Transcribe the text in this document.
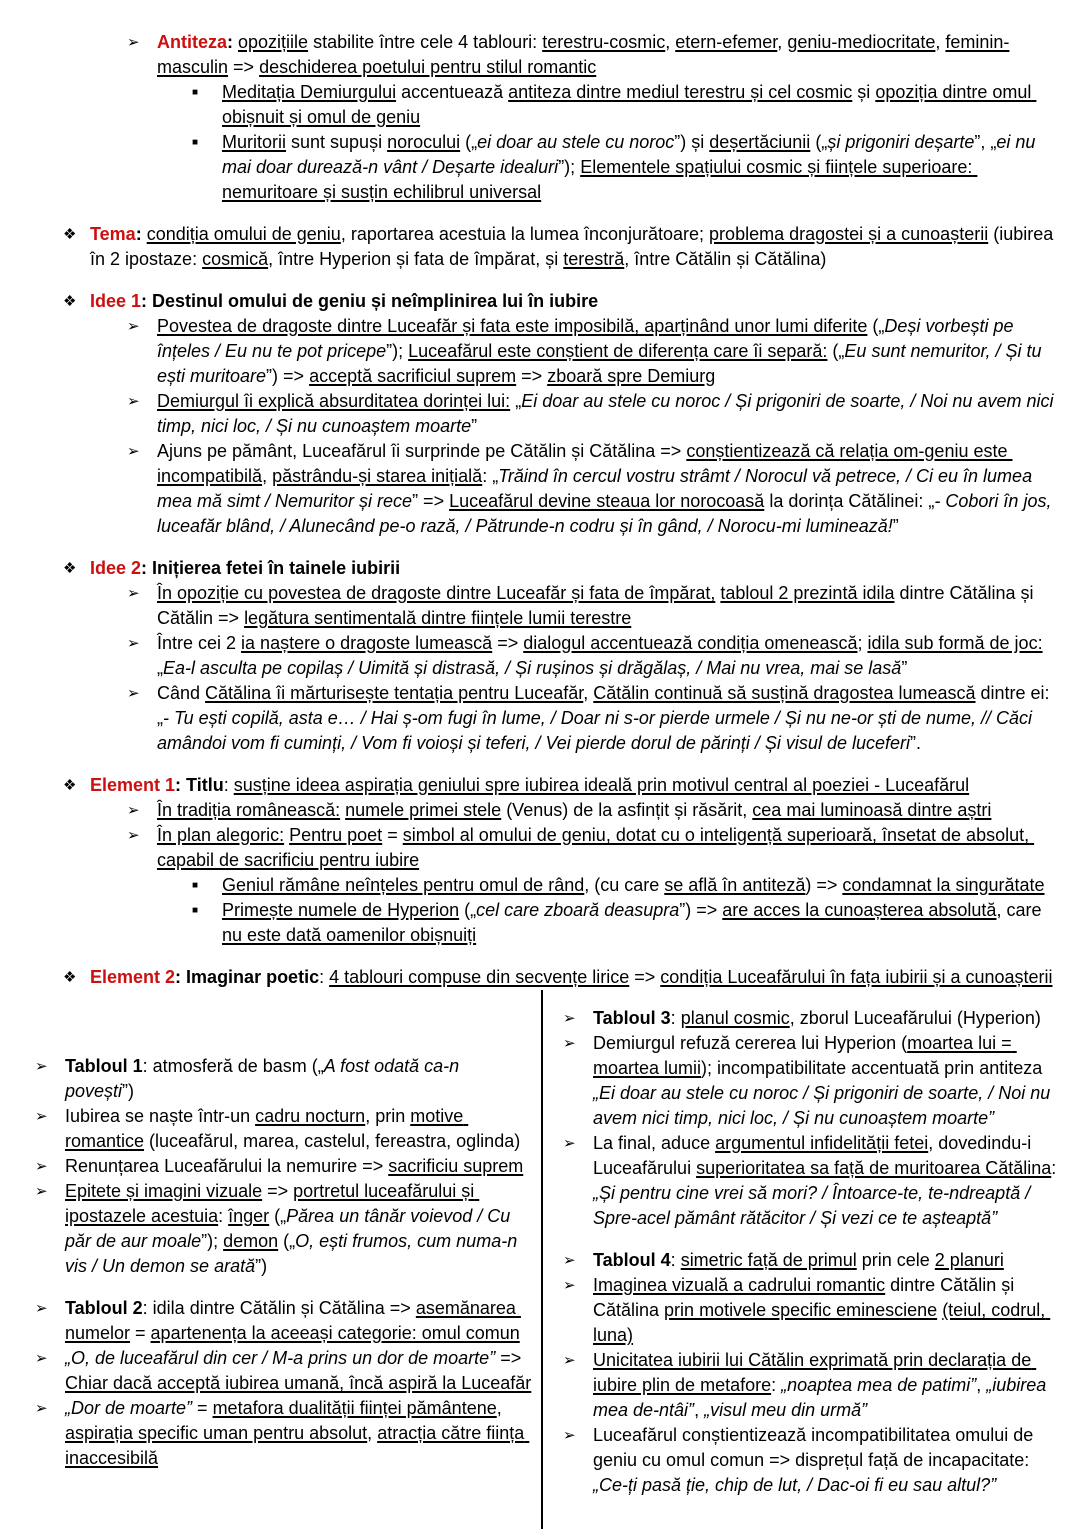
➢ Antiteza: opozițiile stabilite între cele 4 tablouri: terestru-cosmic, etern-efemer, geniu-mediocritate, feminin-masculin => deschiderea poetului pentru stilul romantic
■ Meditația Demiurgului accentuează antiteza dintre mediul terestru și cel cosmic și opoziția dintre omul obișnuit și omul de geniu
■ Muritorii sunt supuși norocului („ei doar au stele cu noroc”) și deșertăciunii („și prigoniri deșarte”, „ei nu mai doar durează-n vânt / Deșarte idealuri”); Elementele spațiului cosmic și ființele superioare: nemuritoare și susțin echilibrul universal
❖ Tema: condiția omului de geniu, raportarea acestuia la lumea înconjurătoare; problema dragostei și a cunoașterii (iubirea în 2 ipostaze: cosmică, între Hyperion și fata de împărat, și terestră, între Cătălin și Cătălina)
❖ Idee 1: Destinul omului de geniu și neîmplinirea lui în iubire
➢ Povestea de dragoste dintre Luceafăr și fata este imposibilă, aparținând unor lumi diferite („Deși vorbești pe înțeles / Eu nu te pot pricepe”); Luceafărul este conștient de diferența care îi separă: („Eu sunt nemuritor, / Și tu ești muritoare”) => acceptă sacrificiul suprem => zboară spre Demiurg
➢ Demiurgul îi explică absurditatea dorinței lui: „Ei doar au stele cu noroc / Și prigoniri de soarte, / Noi nu avem nici timp, nici loc, / Și nu cunoaștem moarte”
➢ Ajuns pe pământ, Luceafărul îi surprinde pe Cătălin și Cătălina => conștientizează că relația om-geniu este incompatibilă, păstrându-și starea inițială: „Trăind în cercul vostru strâmt / Norocul vă petrece, / Ci eu în lumea mea mă simt / Nemuritor și rece” => Luceafărul devine steaua lor norocoasă la dorința Cătălinei: „- Cobori în jos, luceafăr blând, / Alunecând pe-o rază, / Pătrunde-n codru și în gând, / Norocu-mi luminează!”
❖ Idee 2: Inițierea fetei în tainele iubirii
➢ În opoziție cu povestea de dragoste dintre Luceafăr și fata de împărat, tabloul 2 prezintă idila dintre Cătălina și Cătălin => legătura sentimentală dintre ființele lumii terestre
➢ Între cei 2 ia naștere o dragoste lumească => dialogul accentuează condiția omenească; idila sub formă de joc: „Ea-l asculta pe copilaș / Uimită și distrasă, / Și rușinos și drăgălaș, / Mai nu vrea, mai se lasă”
➢ Când Cătălina îi mărturisește tentația pentru Luceafăr, Cătălin continuă să susțină dragostea lumească dintre ei: „- Tu ești copilă, asta e… / Hai ș-om fugi în lume, / Doar ni s-or pierde urmele / Și nu ne-or ști de nume, // Căci amândoi vom fi cuminți, / Vom fi voioși și teferi, / Vei pierde dorul de părinți / Și visul de luceferi”.
❖ Element 1: Titlu: susține ideea aspirația geniului spre iubirea ideală prin motivul central al poeziei - Luceafărul
➢ În tradiția românească: numele primei stele (Venus) de la asfințit și răsărit, cea mai luminoasă dintre aștri
➢ În plan alegoric: Pentru poet = simbol al omului de geniu, dotat cu o inteligență superioară, însetat de absolut, capabil de sacrificiu pentru iubire
■ Geniul rămâne neînțeles pentru omul de rând, (cu care se află în antiteză) => condamnat la singurătate
■ Primește numele de Hyperion („cel care zboară deasupra”) => are acces la cunoașterea absolută, care nu este dată oamenilor obișnuiți
❖ Element 2: Imaginar poetic: 4 tablouri compuse din secvențe lirice => condiția Luceafărului în fața iubirii și a cunoașterii
➢ Tabloul 1: atmosferă de basm („A fost odată ca-n povești”)
➢ Iubirea se naște într-un cadru nocturn, prin motive romantice (luceafărul, marea, castelul, fereastra, oglinda)
➢ Renunțarea Luceafărului la nemurire => sacrificiu suprem
➢ Epitete și imagini vizuale => portretul luceafărului și ipostazele acestuia: înger („Părea un tânăr voievod / Cu păr de aur moale”); demon („O, ești frumos, cum numa-n vis / Un demon se arată”)
➢ Tabloul 2: idila dintre Cătălin și Cătălina => asemănarea numelor = apartenența la aceeași categorie: omul comun
➢ „O, de luceafărul din cer / M-a prins un dor de moarte” => Chiar dacă acceptă iubirea umană, încă aspiră la Luceafăr
➢ „Dor de moarte” = metafora dualității ființei pământene, aspirația specific uman pentru absolut, atracția către ființa inaccesibilă
➢ Tabloul 3: planul cosmic, zborul Luceafărului (Hyperion)
➢ Demiurgul refuză cererea lui Hyperion (moartea lui = moartea lumii); incompatibilitate accentuată prin antiteza „Ei doar au stele cu noroc / Și prigoniri de soarte, / Noi nu avem nici timp, nici loc, / Și nu cunoaștem moarte”
➢ La final, aduce argumentul infidelității fetei, dovedindu-i Luceafărului superioritatea sa față de muritoarea Cătălina: „Și pentru cine vrei să mori? / Întoarce-te, te-ndreaptă / Spre-acel pământ rătăcitor / Și vezi ce te așteaptă”
➢ Tabloul 4: simetric față de primul prin cele 2 planuri
➢ Imaginea vizuală a cadrului romantic dintre Cătălin și Cătălina prin motivele specific eminesciene (teiul, codrul, luna)
➢ Unicitatea iubirii lui Cătălin exprimată prin declarația de iubire plin de metafore: „noaptea mea de patimi”, „iubirea mea de-ntâi”, „visul meu din urmă”
➢ Luceafărul conștientizează incompatibilitatea omului de geniu cu omul comun => disprețul față de incapacitate: „Ce-ți pasă ție, chip de lut, / Dac-oi fi eu sau altul?”
